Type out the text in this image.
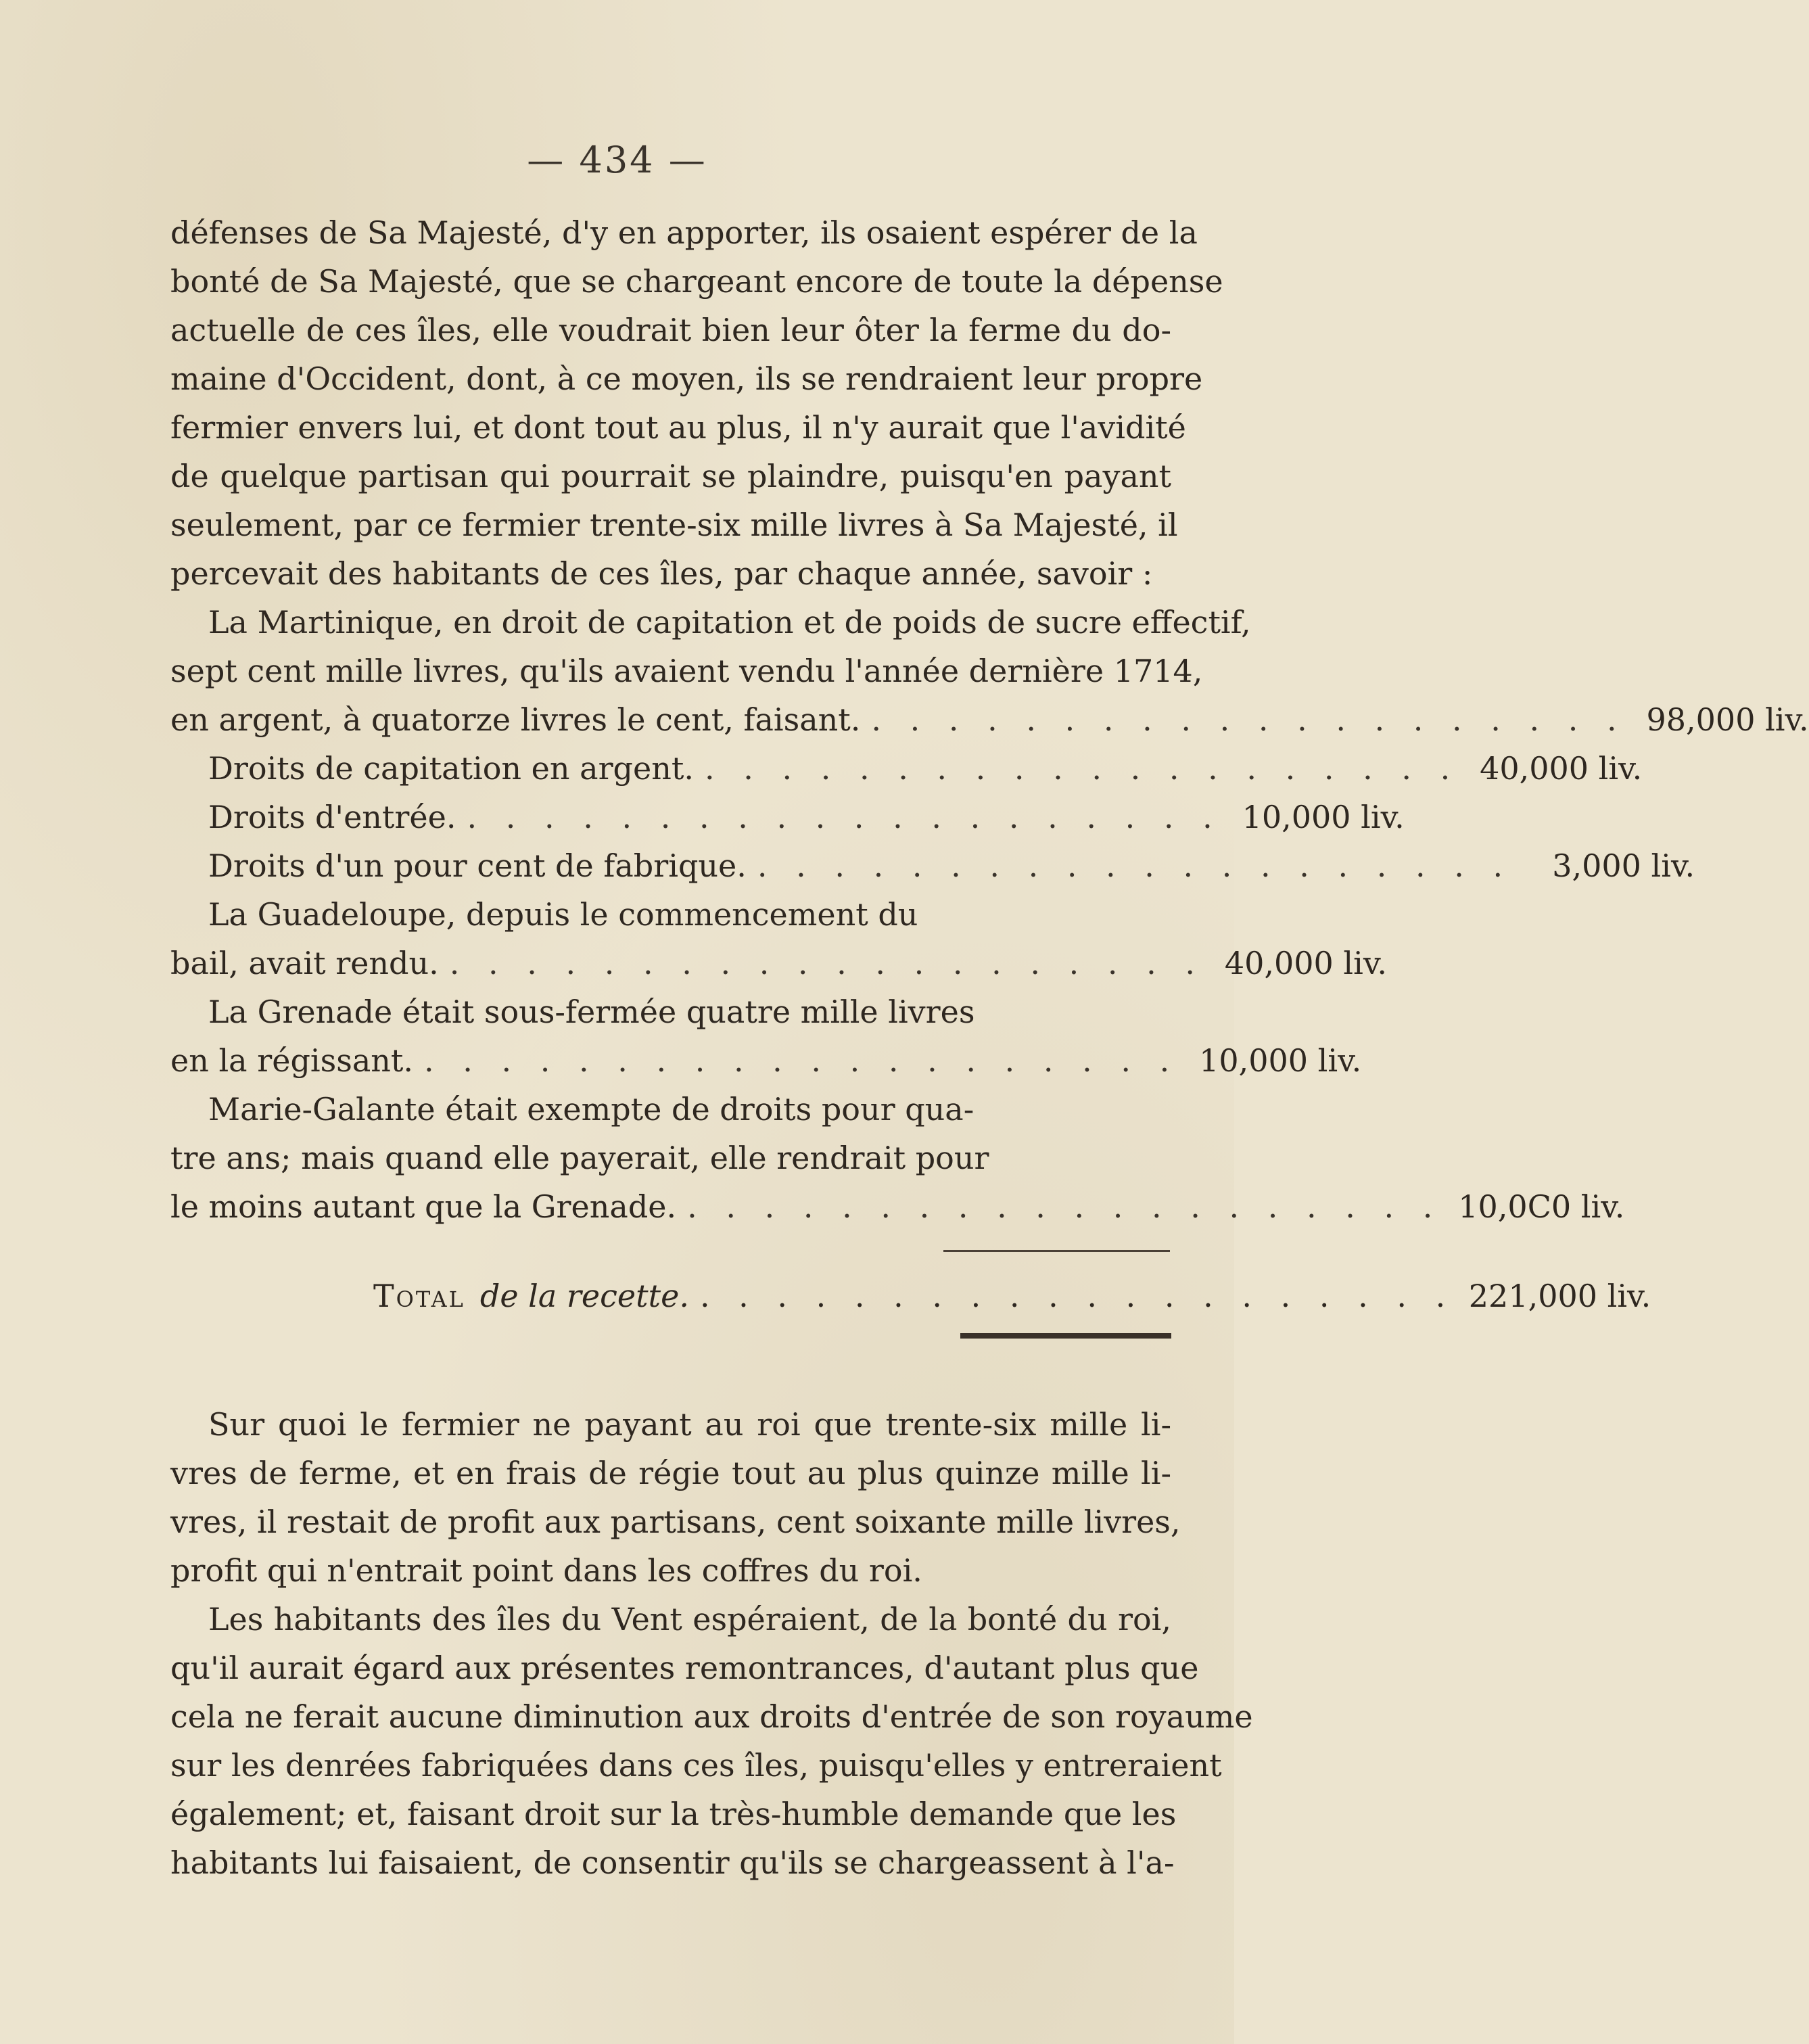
— 434 —
défenses de Sa Majesté, d'y en apporter, ils osaient espérer de la
bonté de Sa Majesté, que se chargeant encore de toute la dépense
actuelle de ces îles, elle voudrait bien leur ôter la ferme du do-
maine d'Occident, dont, à ce moyen, ils se rendraient leur propre
fermier envers lui, et dont tout au plus, il n'y aurait que l'avidité
de quelque partisan qui pourrait se plaindre, puisqu'en payant
seulement, par ce fermier trente-six mille livres à Sa Majesté, il
percevait des habitants de ces îles, par chaque année, savoir :
La Martinique, en droit de capitation et de poids de sucre effectif,
sept cent mille livres, qu'ils avaient vendu l'année dernière 1714,
en argent, à quatorze livres le cent, faisant. . . . . . . . . . . . . . . . . . . . . 98,000 liv.
Droits de capitation en argent. . . . . . . . . . . . . . . . . . . . . 40,000 liv.
Droits d'entrée. . . . . . . . . . . . . . . . . . . . . 10,000 liv.
Droits d'un pour cent de fabrique. . . . . . . . . . . . . . . . . . . . .	3,000 liv.
La Guadeloupe, depuis le commencement du
bail, avait rendu. . . . . . . . . . . . . . . . . . . . . 40,000 liv.
La Grenade était sous-fermée quatre mille livres
en la régissant. . . . . . . . . . . . . . . . . . . . . 10,000 liv.
Marie-Galante était exempte de droits pour qua-
tre ans; mais quand elle payerait, elle rendrait pour
le moins autant que la Grenade. . . . . . . . . . . . . . . . . . . . . 10,0C0 liv.
Total de la recette. . . . . . . . . . . . . . . . . . . . . 221,000 liv.
Sur quoi le fermier ne payant au roi que trente-six mille li-
vres de ferme, et en frais de régie tout au plus quinze mille li-
vres, il restait de profit aux partisans, cent soixante mille livres,
profit qui n'entrait point dans les coffres du roi.
Les habitants des îles du Vent espéraient, de la bonté du roi,
qu'il aurait égard aux présentes remontrances, d'autant plus que
cela ne ferait aucune diminution aux droits d'entrée de son royaume
sur les denrées fabriquées dans ces îles, puisqu'elles y entreraient
également; et, faisant droit sur la très-humble demande que les
habitants lui faisaient, de consentir qu'ils se chargeassent à l'a-
